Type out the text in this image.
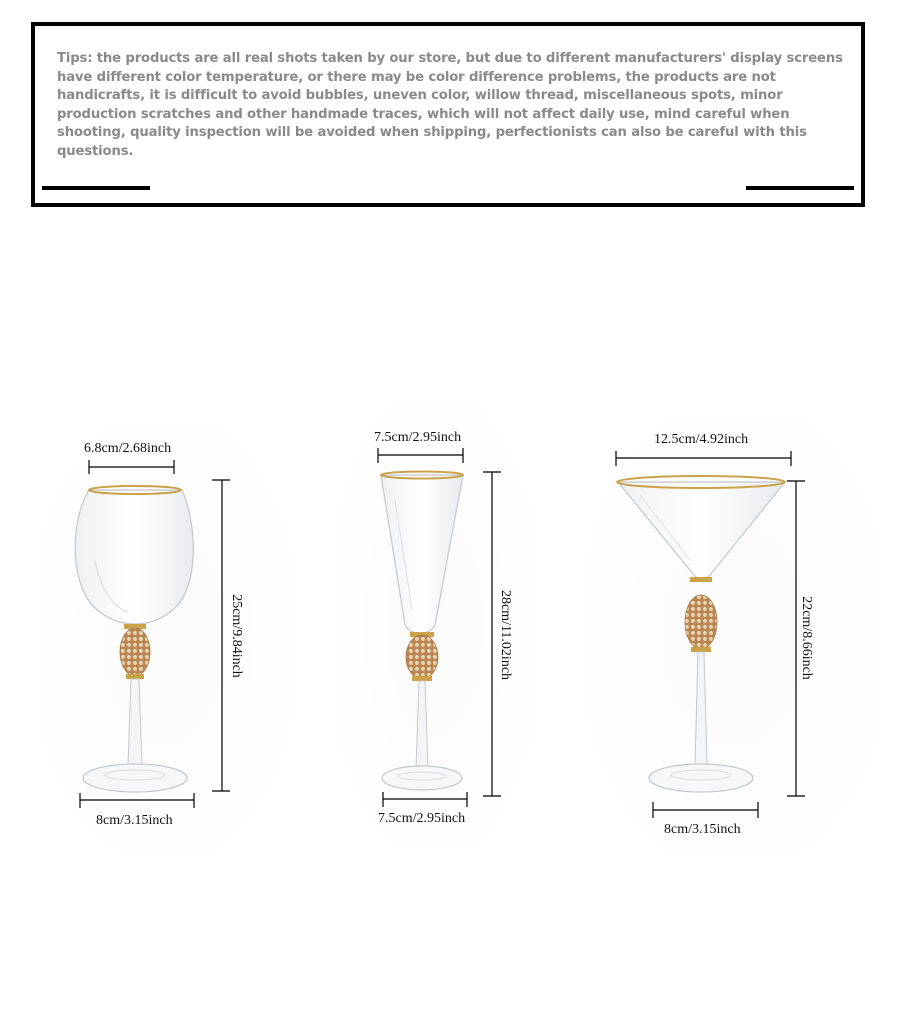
Tips: the products are all real shots taken by our store, but due to different manufacturers' display screens have different color temperature, or there may be color difference problems, the products are not handicrafts, it is difficult to avoid bubbles, uneven color, willow thread, miscellaneous spots, minor production scratches and other handmade traces, which will not affect daily use, mind careful when shooting, quality inspection will be avoided when shipping, perfectionists can also be careful with this questions.
6.8cm/2.68inch
25cm/9.84inch
8cm/3.15inch
7.5cm/2.95inch
28cm/11.02inch
7.5cm/2.95inch
12.5cm/4.92inch
22cm/8.66inch
8cm/3.15inch
